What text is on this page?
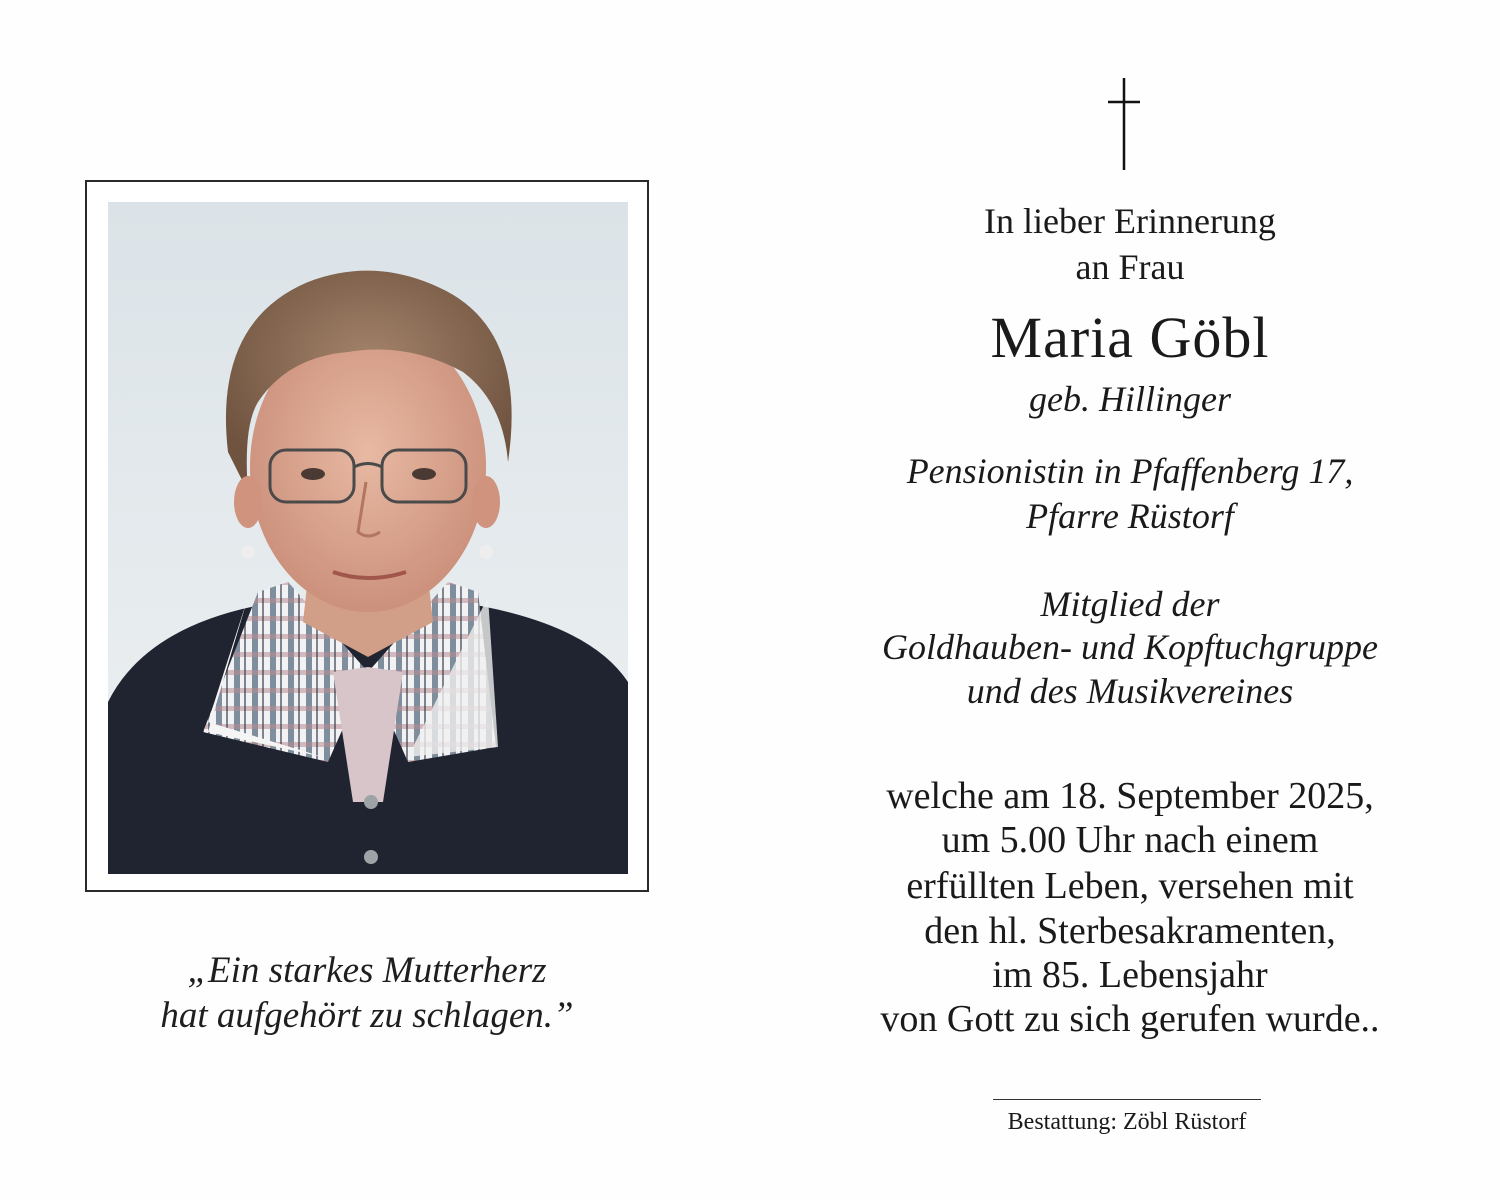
„Ein starkes Mutterherz
hat aufgehört zu schlagen.”
In lieber Erinnerung
an Frau
Maria Göbl
geb. Hillinger
Pensionistin in Pfaffenberg 17,
Pfarre Rüstorf
Mitglied der
Goldhauben- und Kopftuchgruppe
und des Musikvereines
welche am 18. September 2025,
um 5.00 Uhr nach einem
erfüllten Leben, versehen mit
den hl. Sterbesakramenten,
im 85. Lebensjahr
von Gott zu sich gerufen wurde..
Bestattung: Zöbl Rüstorf
